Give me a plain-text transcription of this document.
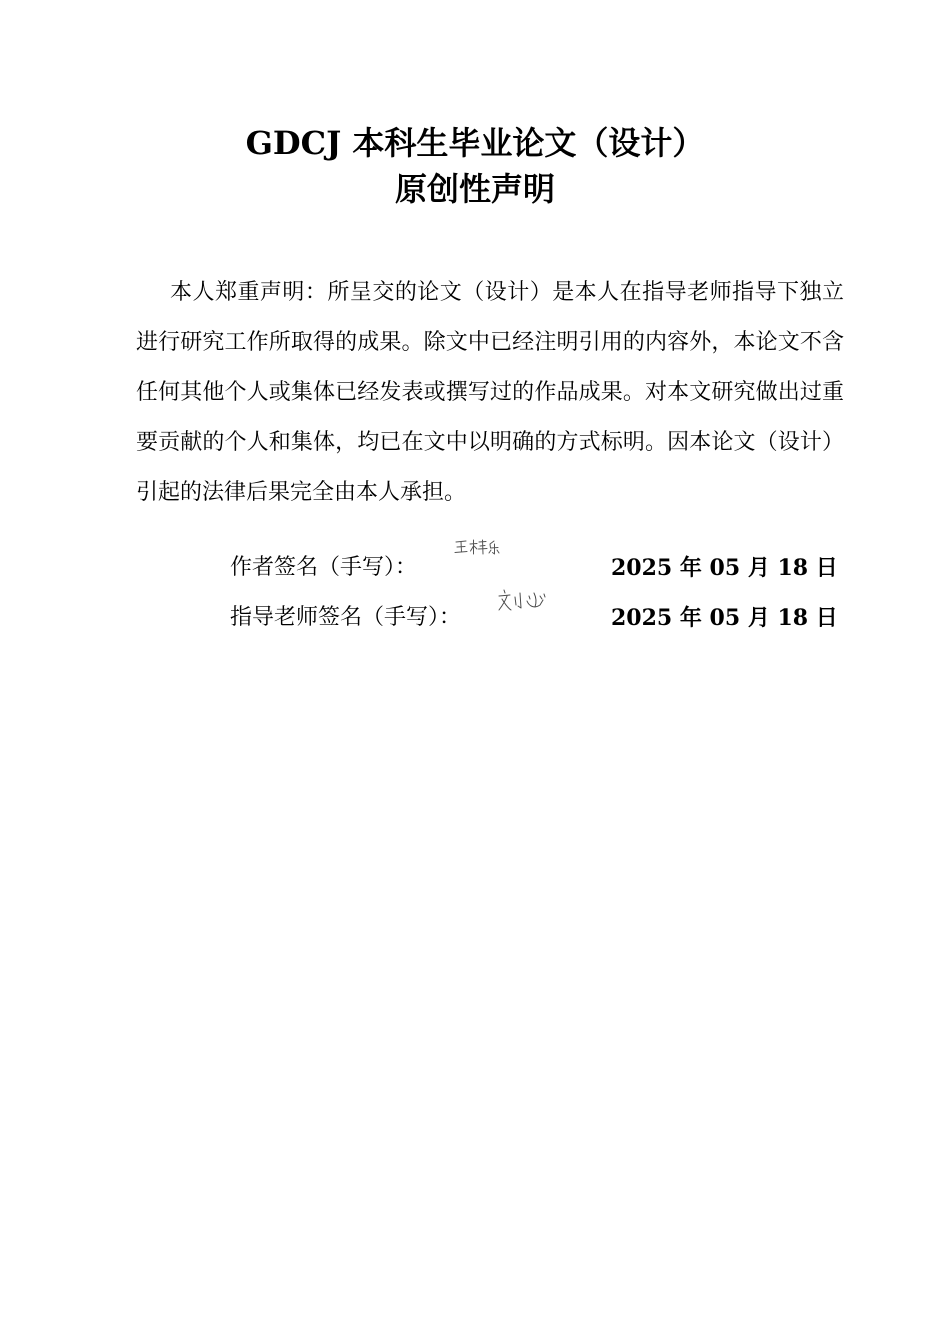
GDCJ 本科生毕业论文（设计）
原创性声明

本人郑重声明：所呈交的论文（设计）是本人在指导老师指导下独立进行研究工作所取得的成果。除文中已经注明引用的内容外，本论文不含任何其他个人或集体已经发表或撰写过的作品成果。对本文研究做出过重要贡献的个人和集体，均已在文中以明确的方式标明。因本论文（设计）引起的法律后果完全由本人承担。

作者签名（手写）：	2025 年 05 月 18 日
指导老师签名（手写）：	2025 年 05 月 18 日
